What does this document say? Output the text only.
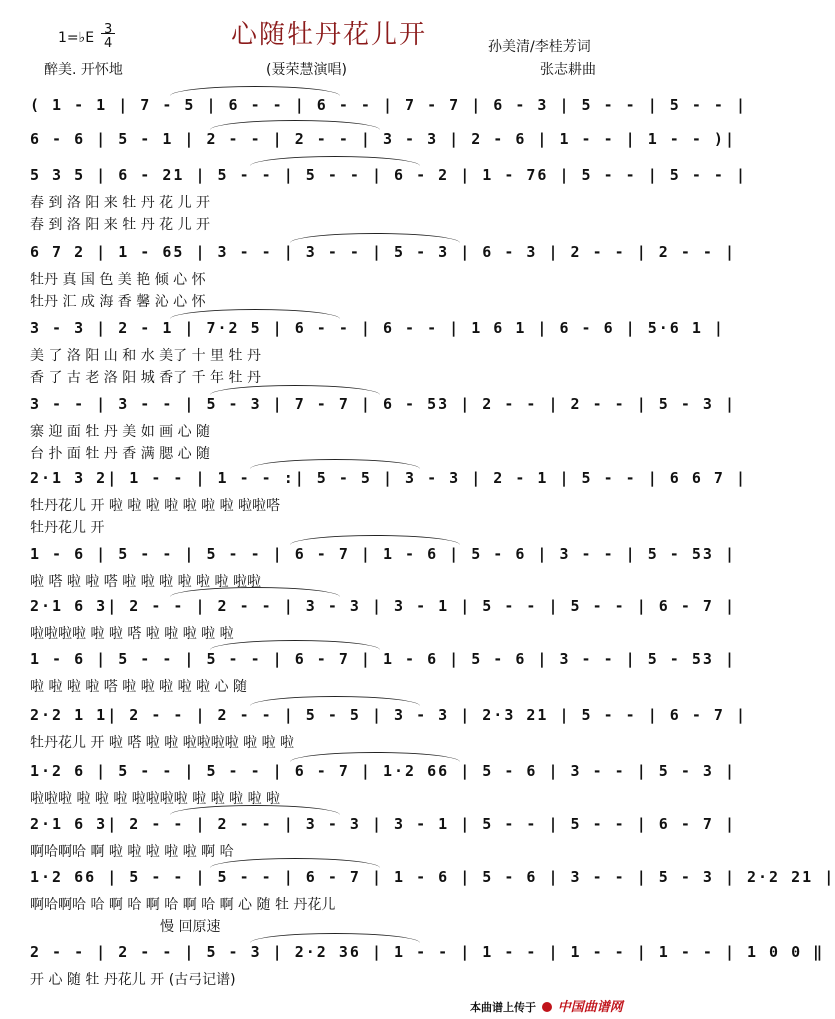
1=♭E
3
4	心随牡丹花儿开	孙美清/李桂芳词
醉美. 开怀地	(聂荣慧演唱)	张志耕曲
( 1 - 1 | 7 - 5 | 6 - - | 6 - - | 7 - 7 | 6 - 3 | 5 - - | 5 - - |
6 - 6 | 5 - 1 | 2 - - | 2 - - | 3 - 3 | 2 - 6 | 1 - - | 1 - - )|
5 3 5 | 6 - 21 | 5 - - | 5 - - | 6 - 2 | 1 - 76 | 5 - - | 5 - - |
春 到 洛 阳 来 牡 丹 花 儿 开
春 到 洛 阳 来 牡 丹 花 儿 开
6 7 2 | 1 - 65 | 3 - - | 3 - - | 5 - 3 | 6 - 3 | 2 - - | 2 - - |
牡丹 真 国 色 美 艳 倾 心 怀
牡丹 汇 成 海 香 馨 沁 心 怀
3 - 3 | 2 - 1 | 7·2 5 | 6 - - | 6 - - | 1 6 1 | 6 - 6 | 5·6 1 |
美 了 洛 阳 山 和 水 美了 十 里 牡 丹
香 了 古 老 洛 阳 城 香了 千 年 牡 丹
3 - - | 3 - - | 5 - 3 | 7 - 7 | 6 - 53 | 2 - - | 2 - - | 5 - 3 |
寨 迎 面 牡 丹 美 如 画 心 随
台 扑 面 牡 丹 香 满 腮 心 随
2·1 3 2| 1 - - | 1 - - :| 5 - 5 | 3 - 3 | 2 - 1 | 5 - - | 6 6 7 |
牡丹花儿 开 啦 啦 啦 啦 啦 啦 啦 啦啦嗒
牡丹花儿 开
1 - 6 | 5 - - | 5 - - | 6 - 7 | 1 - 6 | 5 - 6 | 3 - - | 5 - 53 |
啦 嗒 啦 啦 嗒 啦 啦 啦 啦 啦 啦 啦啦
2·1 6 3| 2 - - | 2 - - | 3 - 3 | 3 - 1 | 5 - - | 5 - - | 6 - 7 |
啦啦啦啦 啦 啦 嗒 啦 啦 啦 啦 啦
1 - 6 | 5 - - | 5 - - | 6 - 7 | 1 - 6 | 5 - 6 | 3 - - | 5 - 53 |
啦 啦 啦 啦 嗒 啦 啦 啦 啦 啦 心 随
2·2 1 1| 2 - - | 2 - - | 5 - 5 | 3 - 3 | 2·3 21 | 5 - - | 6 - 7 |
牡丹花儿 开 啦 嗒 啦 啦 啦啦啦啦 啦 啦 啦
1·2 6 | 5 - - | 5 - - | 6 - 7 | 1·2 66 | 5 - 6 | 3 - - | 5 - 3 |
啦啦啦 啦 啦 啦 啦啦啦啦 啦 啦 啦 啦 啦
2·1 6 3| 2 - - | 2 - - | 3 - 3 | 3 - 1 | 5 - - | 5 - - | 6 - 7 |
啊哈啊哈 啊 啦 啦 啦 啦 啦 啊 哈
1·2 66 | 5 - - | 5 - - | 6 - 7 | 1 - 6 | 5 - 6 | 3 - - | 5 - 3 | 2·2 21 |
啊哈啊哈 哈 啊 哈 啊 哈 啊 哈 啊 心 随 牡 丹花儿
慢 回原速
2 - - | 2 - - | 5 - 3 | 2·2 36 | 1 - - | 1 - - | 1 - - | 1 - - | 1 0 0 ‖
开 心 随 牡 丹花儿 开 (古弓记谱)
本曲谱上传于 中国曲谱网
